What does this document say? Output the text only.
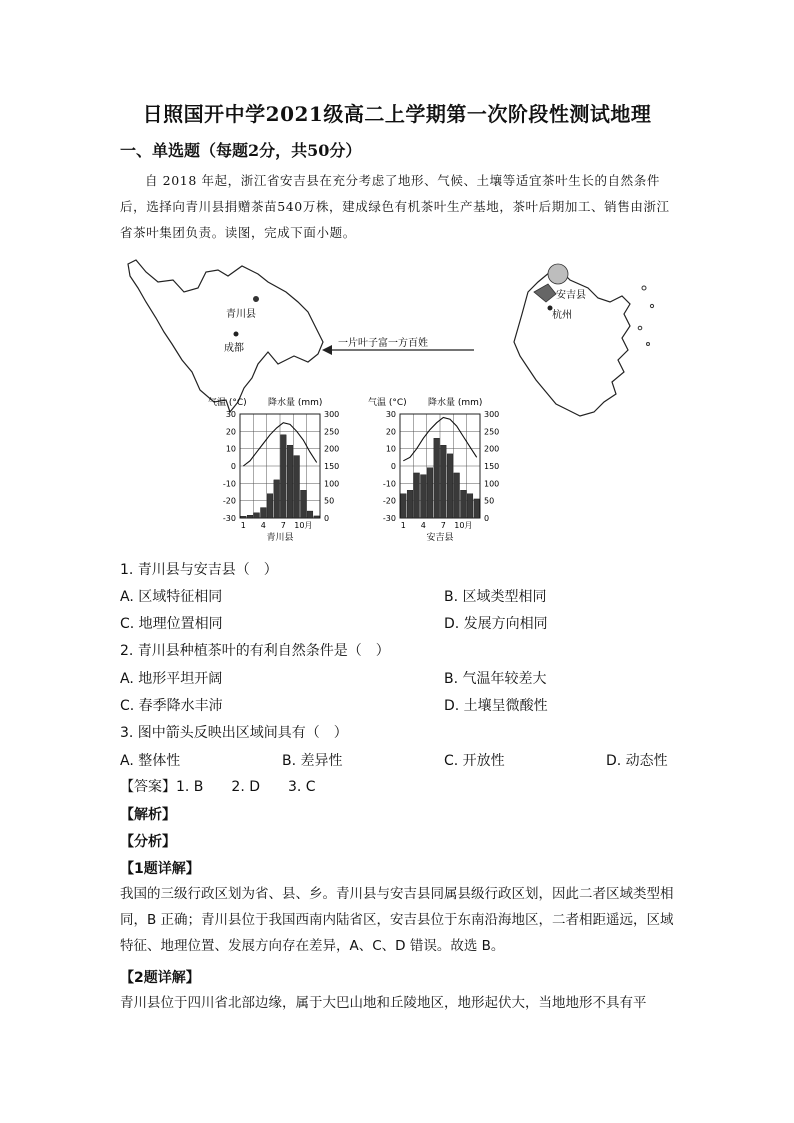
日照国开中学2021级高二上学期第一次阶段性测试地理
一、单选题（每题2分，共50分）
自 2018 年起，浙江省安吉县在充分考虑了地形、气候、土壤等适宜茶叶生长的自然条件后，选择向青川县捐赠茶苗540万株，建成绿色有机茶叶生产基地，茶叶后期加工、销售由浙江省茶叶集团负责。读图，完成下面小题。
青川县
成都
安吉县
杭州
一片叶子富一方百姓
气温 (°C) 降水量 (mm)
30	300
20	250
10	200
0	150
-10	100
-20	50
-30	0
1 4 7 10月
青川县
气温 (°C) 降水量 (mm)
30	300
20	250
10	200
0	150
-10	100
-20	50
-30	0
1 4 7 10月
安吉县
1. 青川县与安吉县（　）
A. 区域特征相同	B. 区域类型相同
C. 地理位置相同	D. 发展方向相同
2. 青川县种植茶叶的有利自然条件是（　）
A. 地形平坦开阔	B. 气温年较差大
C. 春季降水丰沛	D. 土壤呈微酸性
3. 图中箭头反映出区域间具有（　）
A. 整体性	B. 差异性	C. 开放性	D. 动态性
【答案】1. B　　2. D　　3. C
【解析】
【分析】
【1题详解】
我国的三级行政区划为省、县、乡。青川县与安吉县同属县级行政区划，因此二者区域类型相同，B 正确；青川县位于我国西南内陆省区，安吉县位于东南沿海地区，二者相距遥远，区域特征、地理位置、发展方向存在差异，A、C、D 错误。故选 B。
【2题详解】
青川县位于四川省北部边缘，属于大巴山地和丘陵地区，地形起伏大，当地地形不具有平
